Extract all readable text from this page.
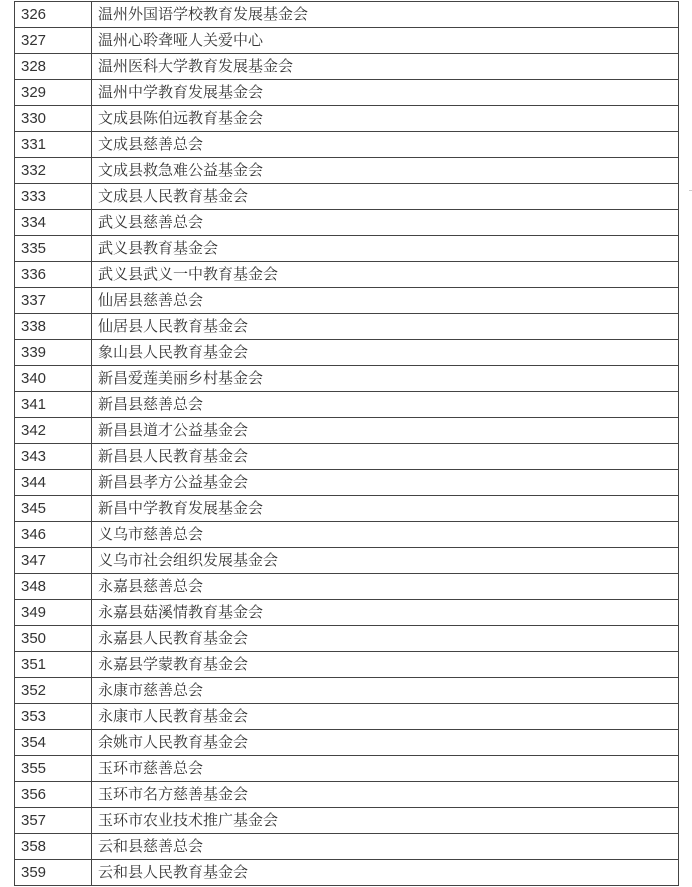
326	温州外国语学校教育发展基金会
327	温州心聆聋哑人关爱中心
328	温州医科大学教育发展基金会
329	温州中学教育发展基金会
330	文成县陈伯远教育基金会
331	文成县慈善总会
332	文成县救急难公益基金会
333	文成县人民教育基金会
334	武义县慈善总会
335	武义县教育基金会
336	武义县武义一中教育基金会
337	仙居县慈善总会
338	仙居县人民教育基金会
339	象山县人民教育基金会
340	新昌爱莲美丽乡村基金会
341	新昌县慈善总会
342	新昌县道才公益基金会
343	新昌县人民教育基金会
344	新昌县孝方公益基金会
345	新昌中学教育发展基金会
346	义乌市慈善总会
347	义乌市社会组织发展基金会
348	永嘉县慈善总会
349	永嘉县菇溪情教育基金会
350	永嘉县人民教育基金会
351	永嘉县学蒙教育基金会
352	永康市慈善总会
353	永康市人民教育基金会
354	余姚市人民教育基金会
355	玉环市慈善总会
356	玉环市名方慈善基金会
357	玉环市农业技术推广基金会
358	云和县慈善总会
359	云和县人民教育基金会
